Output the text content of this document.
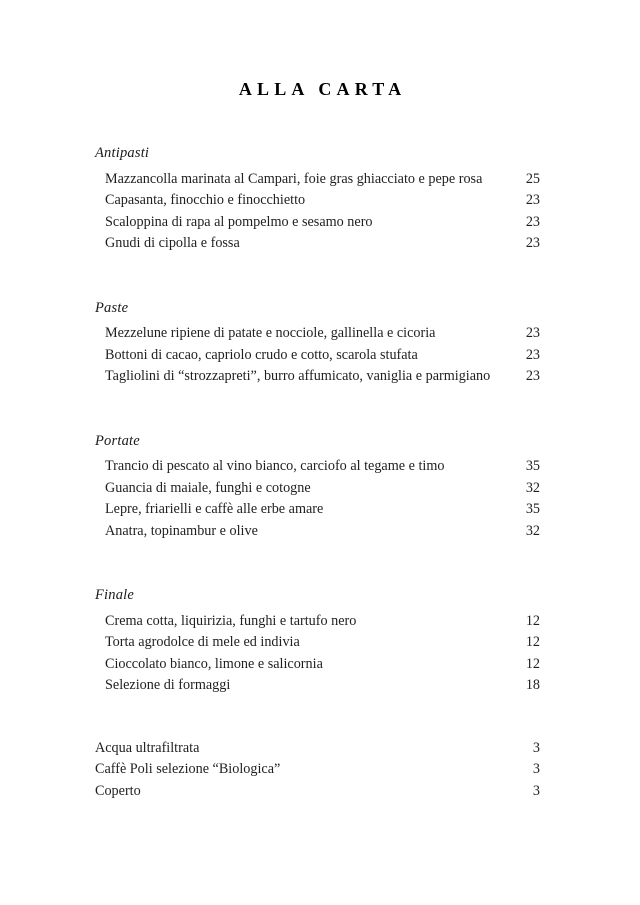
ALLA CARTA
Antipasti
Mazzancolla marinata al Campari, foie gras ghiacciato e pepe rosa	25
Capasanta, finocchio e finocchietto	23
Scaloppina di rapa al pompelmo e sesamo nero	23
Gnudi di cipolla e fossa	23
Paste
Mezzelune ripiene di patate e nocciole, gallinella e cicoria	23
Bottoni di cacao, capriolo crudo e cotto, scarola stufata	23
Tagliolini di “strozzapreti”, burro affumicato, vaniglia e parmigiano	23
Portate
Trancio di pescato al vino bianco, carciofo al tegame e timo	35
Guancia di maiale, funghi e cotogne	32
Lepre, friarielli e caffè alle erbe amare	35
Anatra, topinambur e olive	32
Finale
Crema cotta, liquirizia, funghi e tartufo nero	12
Torta agrodolce di mele ed indivia	12
Cioccolato bianco, limone e salicornia	12
Selezione di formaggi	18
Acqua ultrafiltrata	3
Caffè Poli selezione “Biologica”	3
Coperto	3
